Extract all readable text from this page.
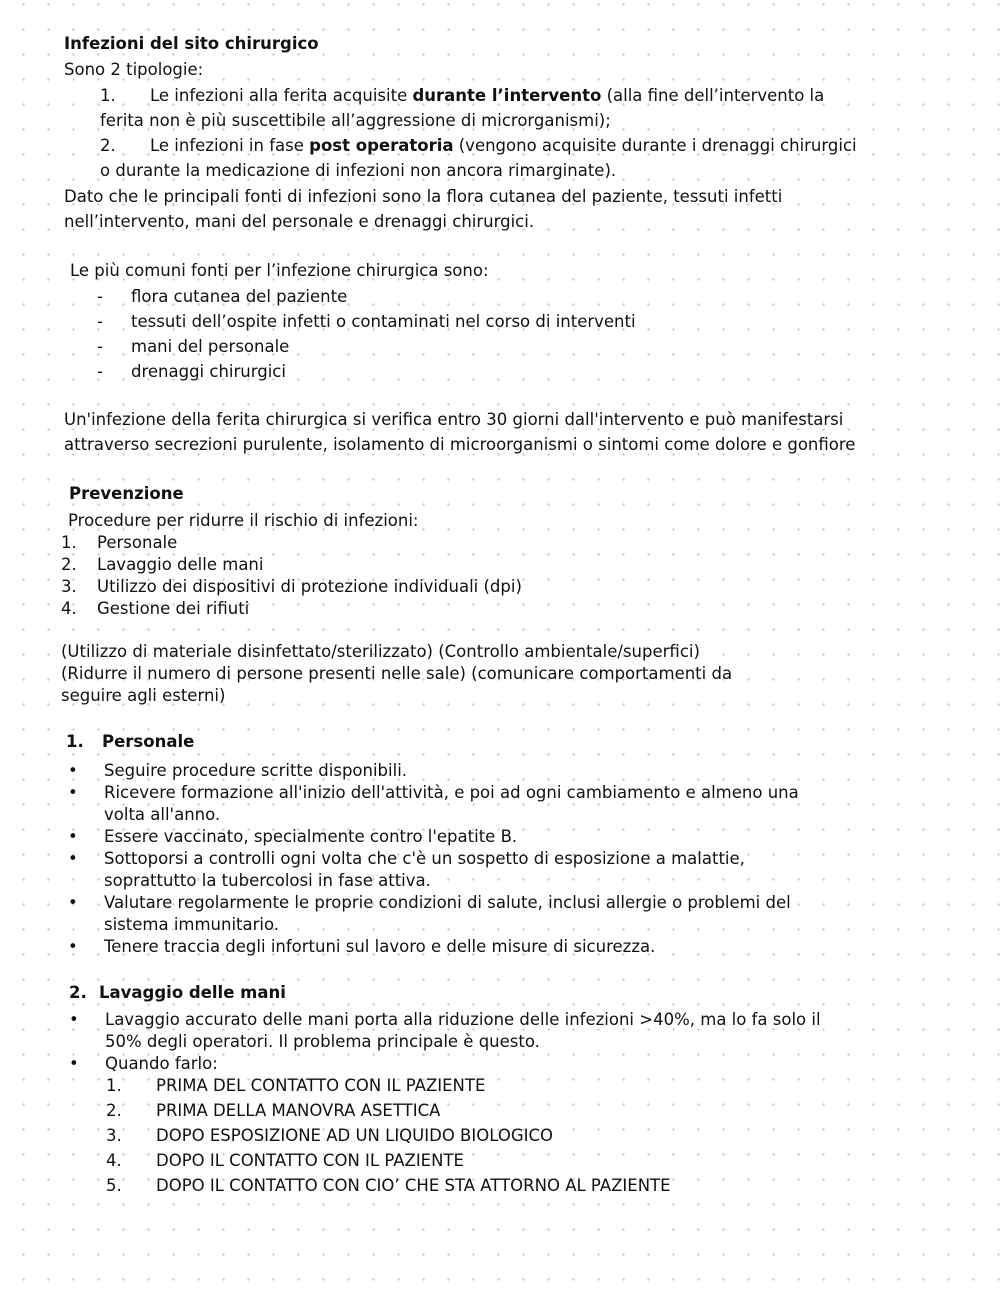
Infezioni del sito chirurgico
Sono 2 tipologie:
1. Le infezioni alla ferita acquisite durante l’intervento (alla fine dell’intervento la
ferita non è più suscettibile all’aggressione di microrganismi);
2. Le infezioni in fase post operatoria (vengono acquisite durante i drenaggi chirurgici
o durante la medicazione di infezioni non ancora rimarginate).
Dato che le principali fonti di infezioni sono la flora cutanea del paziente, tessuti infetti
nell’intervento, mani del personale e drenaggi chirurgici.
Le più comuni fonti per l’infezione chirurgica sono:
- flora cutanea del paziente
- tessuti dell’ospite infetti o contaminati nel corso di interventi
- mani del personale
- drenaggi chirurgici
Un'infezione della ferita chirurgica si verifica entro 30 giorni dall'intervento e può manifestarsi
attraverso secrezioni purulente, isolamento di microorganismi o sintomi come dolore e gonfiore
Prevenzione
Procedure per ridurre il rischio di infezioni:
1. Personale
2. Lavaggio delle mani
3. Utilizzo dei dispositivi di protezione individuali (dpi)
4. Gestione dei rifiuti
(Utilizzo di materiale disinfettato/sterilizzato) (Controllo ambientale/superfici)
(Ridurre il numero di persone presenti nelle sale) (comunicare comportamenti da
seguire agli esterni)
1. Personale
• Seguire procedure scritte disponibili.
• Ricevere formazione all'inizio dell'attività, e poi ad ogni cambiamento e almeno una
volta all'anno.
• Essere vaccinato, specialmente contro l'epatite B.
• Sottoporsi a controlli ogni volta che c'è un sospetto di esposizione a malattie,
soprattutto la tubercolosi in fase attiva.
• Valutare regolarmente le proprie condizioni di salute, inclusi allergie o problemi del
sistema immunitario.
• Tenere traccia degli infortuni sul lavoro e delle misure di sicurezza.
2. Lavaggio delle mani
• Lavaggio accurato delle mani porta alla riduzione delle infezioni >40%, ma lo fa solo il
50% degli operatori. Il problema principale è questo.
• Quando farlo:
1. PRIMA DEL CONTATTO CON IL PAZIENTE
2. PRIMA DELLA MANOVRA ASETTICA
3. DOPO ESPOSIZIONE AD UN LIQUIDO BIOLOGICO
4. DOPO IL CONTATTO CON IL PAZIENTE
5. DOPO IL CONTATTO CON CIO’ CHE STA ATTORNO AL PAZIENTE
